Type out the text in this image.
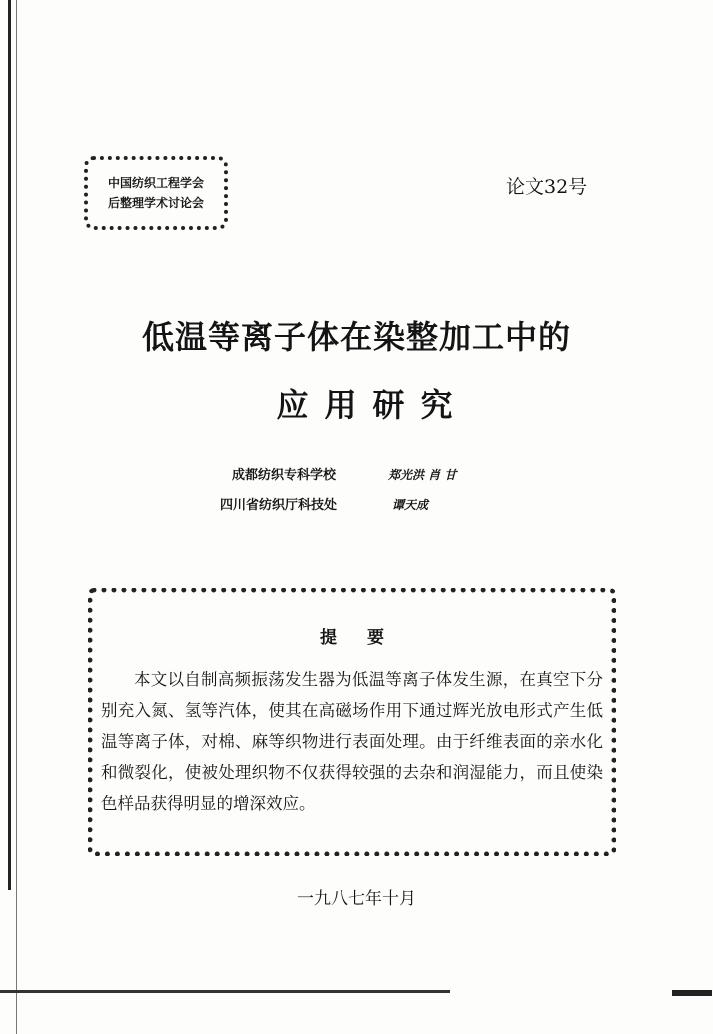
中国纺织工程学会
后整理学术讨论会
论文32号
低温等离子体在染整加工中的
应用研究
成都纺织专科学校	郑光洪 肖 甘
四川省纺织厅科技处	谭天成
提要
本文以自制高频振荡发生器为低温等离子体发生源，在真空下分别充入氮、氢等汽体，使其在高磁场作用下通过辉光放电形式产生低温等离子体，对棉、麻等织物进行表面处理。由于纤维表面的亲水化和微裂化，使被处理织物不仅获得较强的去杂和润湿能力，而且使染色样品获得明显的增深效应。
一九八七年十月
